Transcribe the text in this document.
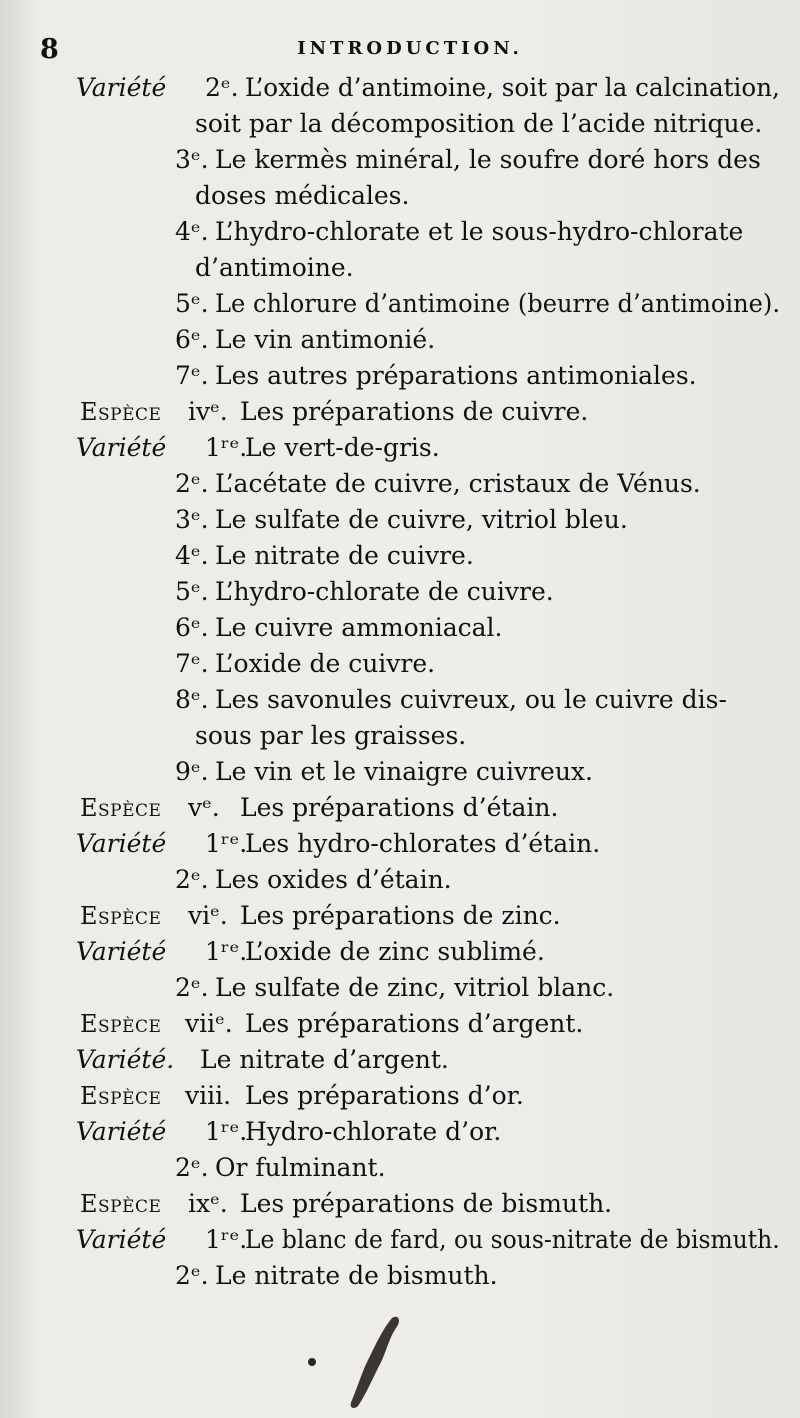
8	INTRODUCTION.
Variété 2ᵉ. L’oxide d’antimoine, soit par la calcination,
soit par la décomposition de l’acide nitrique.
3ᵉ. Le kermès minéral, le soufre doré hors des
doses médicales.
4ᵉ. L’hydro-chlorate et le sous-hydro-chlorate
d’antimoine.
5ᵉ. Le chlorure d’antimoine (beurre d’antimoine).
6ᵉ. Le vin antimonié.
7ᵉ. Les autres préparations antimoniales.
Espèce ivᵉ. Les préparations de cuivre.
Variété 1ʳᵉ.
Le vert-de-gris.
2ᵉ. L’acétate de cuivre, cristaux de Vénus.
3ᵉ. Le sulfate de cuivre, vitriol bleu.
4ᵉ. Le nitrate de cuivre.
5ᵉ. L’hydro-chlorate de cuivre.
6ᵉ. Le cuivre ammoniacal.
7ᵉ. L’oxide de cuivre.
8ᵉ. Les savonules cuivreux, ou le cuivre dis-
sous par les graisses.
9ᵉ. Le vin et le vinaigre cuivreux.
Espèce vᵉ. Les préparations d’étain.
Variété 1ʳᵉ.
Les hydro-chlorates d’étain.
2ᵉ. Les oxides d’étain.
Espèce viᵉ. Les préparations de zinc.
Variété 1ʳᵉ.
L’oxide de zinc sublimé.
2ᵉ. Le sulfate de zinc, vitriol blanc.
Espèce viiᵉ. Les préparations d’argent.
Variété. Le nitrate d’argent.
Espèce viii. Les préparations d’or.
Variété 1ʳᵉ.
Hydro-chlorate d’or.
2ᵉ. Or fulminant.
Espèce ixᵉ. Les préparations de bismuth.
Variété 1ʳᵉ.
Le blanc de fard, ou sous-nitrate de bismuth.
2ᵉ. Le nitrate de bismuth.
